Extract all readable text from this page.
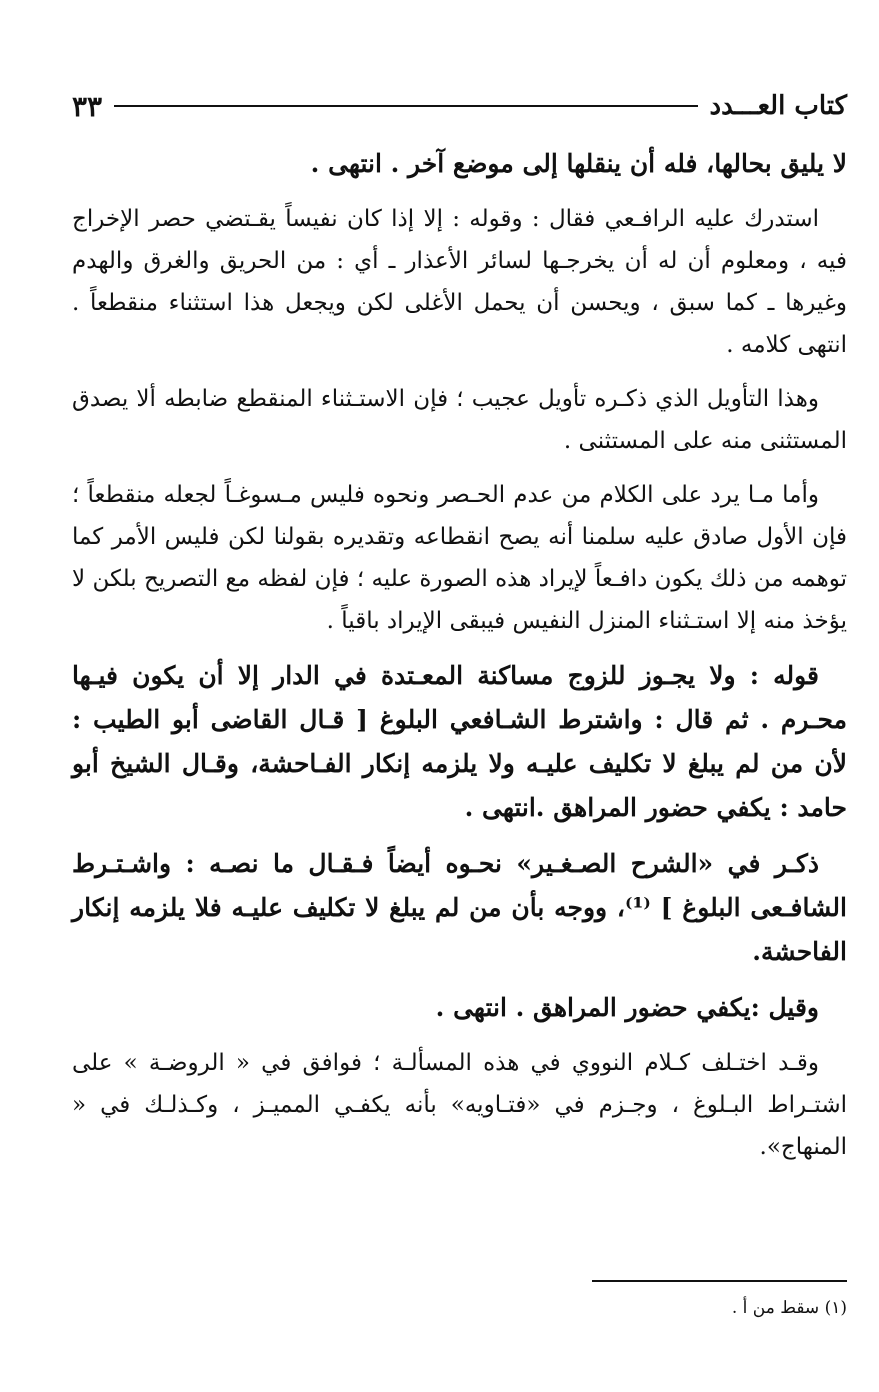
كتاب العـــدد
٣٣

لا يليق بحالها، فله أن ينقلها إلى موضع آخر . انتهى .

استدرك عليه الرافـعي فقال : وقوله : إلا إذا كان نفيساً يقـتضي حصر الإخراج فيه ، ومعلوم أن له أن يخرجـها لسائر الأعذار ـ أي : من الحريق والغرق والهدم وغيرها ـ كما سبق ، ويحسن أن يحمل الأغلى لكن ويجعل هذا استثناء منقطعاً . انتهى كلامه .

وهذا التأويل الذي ذكـره تأويل عجيب ؛ فإن الاستـثناء المنقطع ضابطه ألا يصدق المستثنى منه على المستثنى .

وأما مـا يرد على الكلام من عدم الحـصر ونحوه فليس مـسوغـاً لجعله منقطعاً ؛ فإن الأول صادق عليه سلمنا أنه يصح انقطاعه وتقديره بقولنا لكن فليس الأمر كما توهمه من ذلك يكون دافـعاً لإيراد هذه الصورة عليه ؛ فإن لفظه مع التصريح بلكن لا يؤخذ منه إلا استـثناء المنزل النفيس فيبقى الإيراد باقياً .

قوله : ولا يجـوز للزوج مساكنة المعـتدة في الدار إلا أن يكون فيـها محـرم . ثم قال : واشترط الشـافعي البلوغ [ قـال القاضى أبو الطيب : لأن من لم يبلغ لا تكليف عليـه ولا يلزمه إنكار الفـاحشة، وقـال الشيخ أبو حامد : يكفي حضور المراهق .انتهى .

ذكـر في «الشرح الصـغـير» نحـوه أيضاً فـقـال ما نصـه : واشـتـرط الشافـعى البلوغ ] ⁽¹⁾، ووجه بأن من لم يبلغ لا تكليف عليـه فلا يلزمه إنكار الفاحشة.

وقيل :يكفي حضور المراهق . انتهى .

وقـد اختـلف كـلام النووي في هذه المسألـة ؛ فوافق في « الروضـة » على اشتـراط البـلوغ ، وجـزم في «فتـاويه» بأنه يكفـي المميـز ، وكـذلـك في « المنهاج».

(١) سقط من أ .
